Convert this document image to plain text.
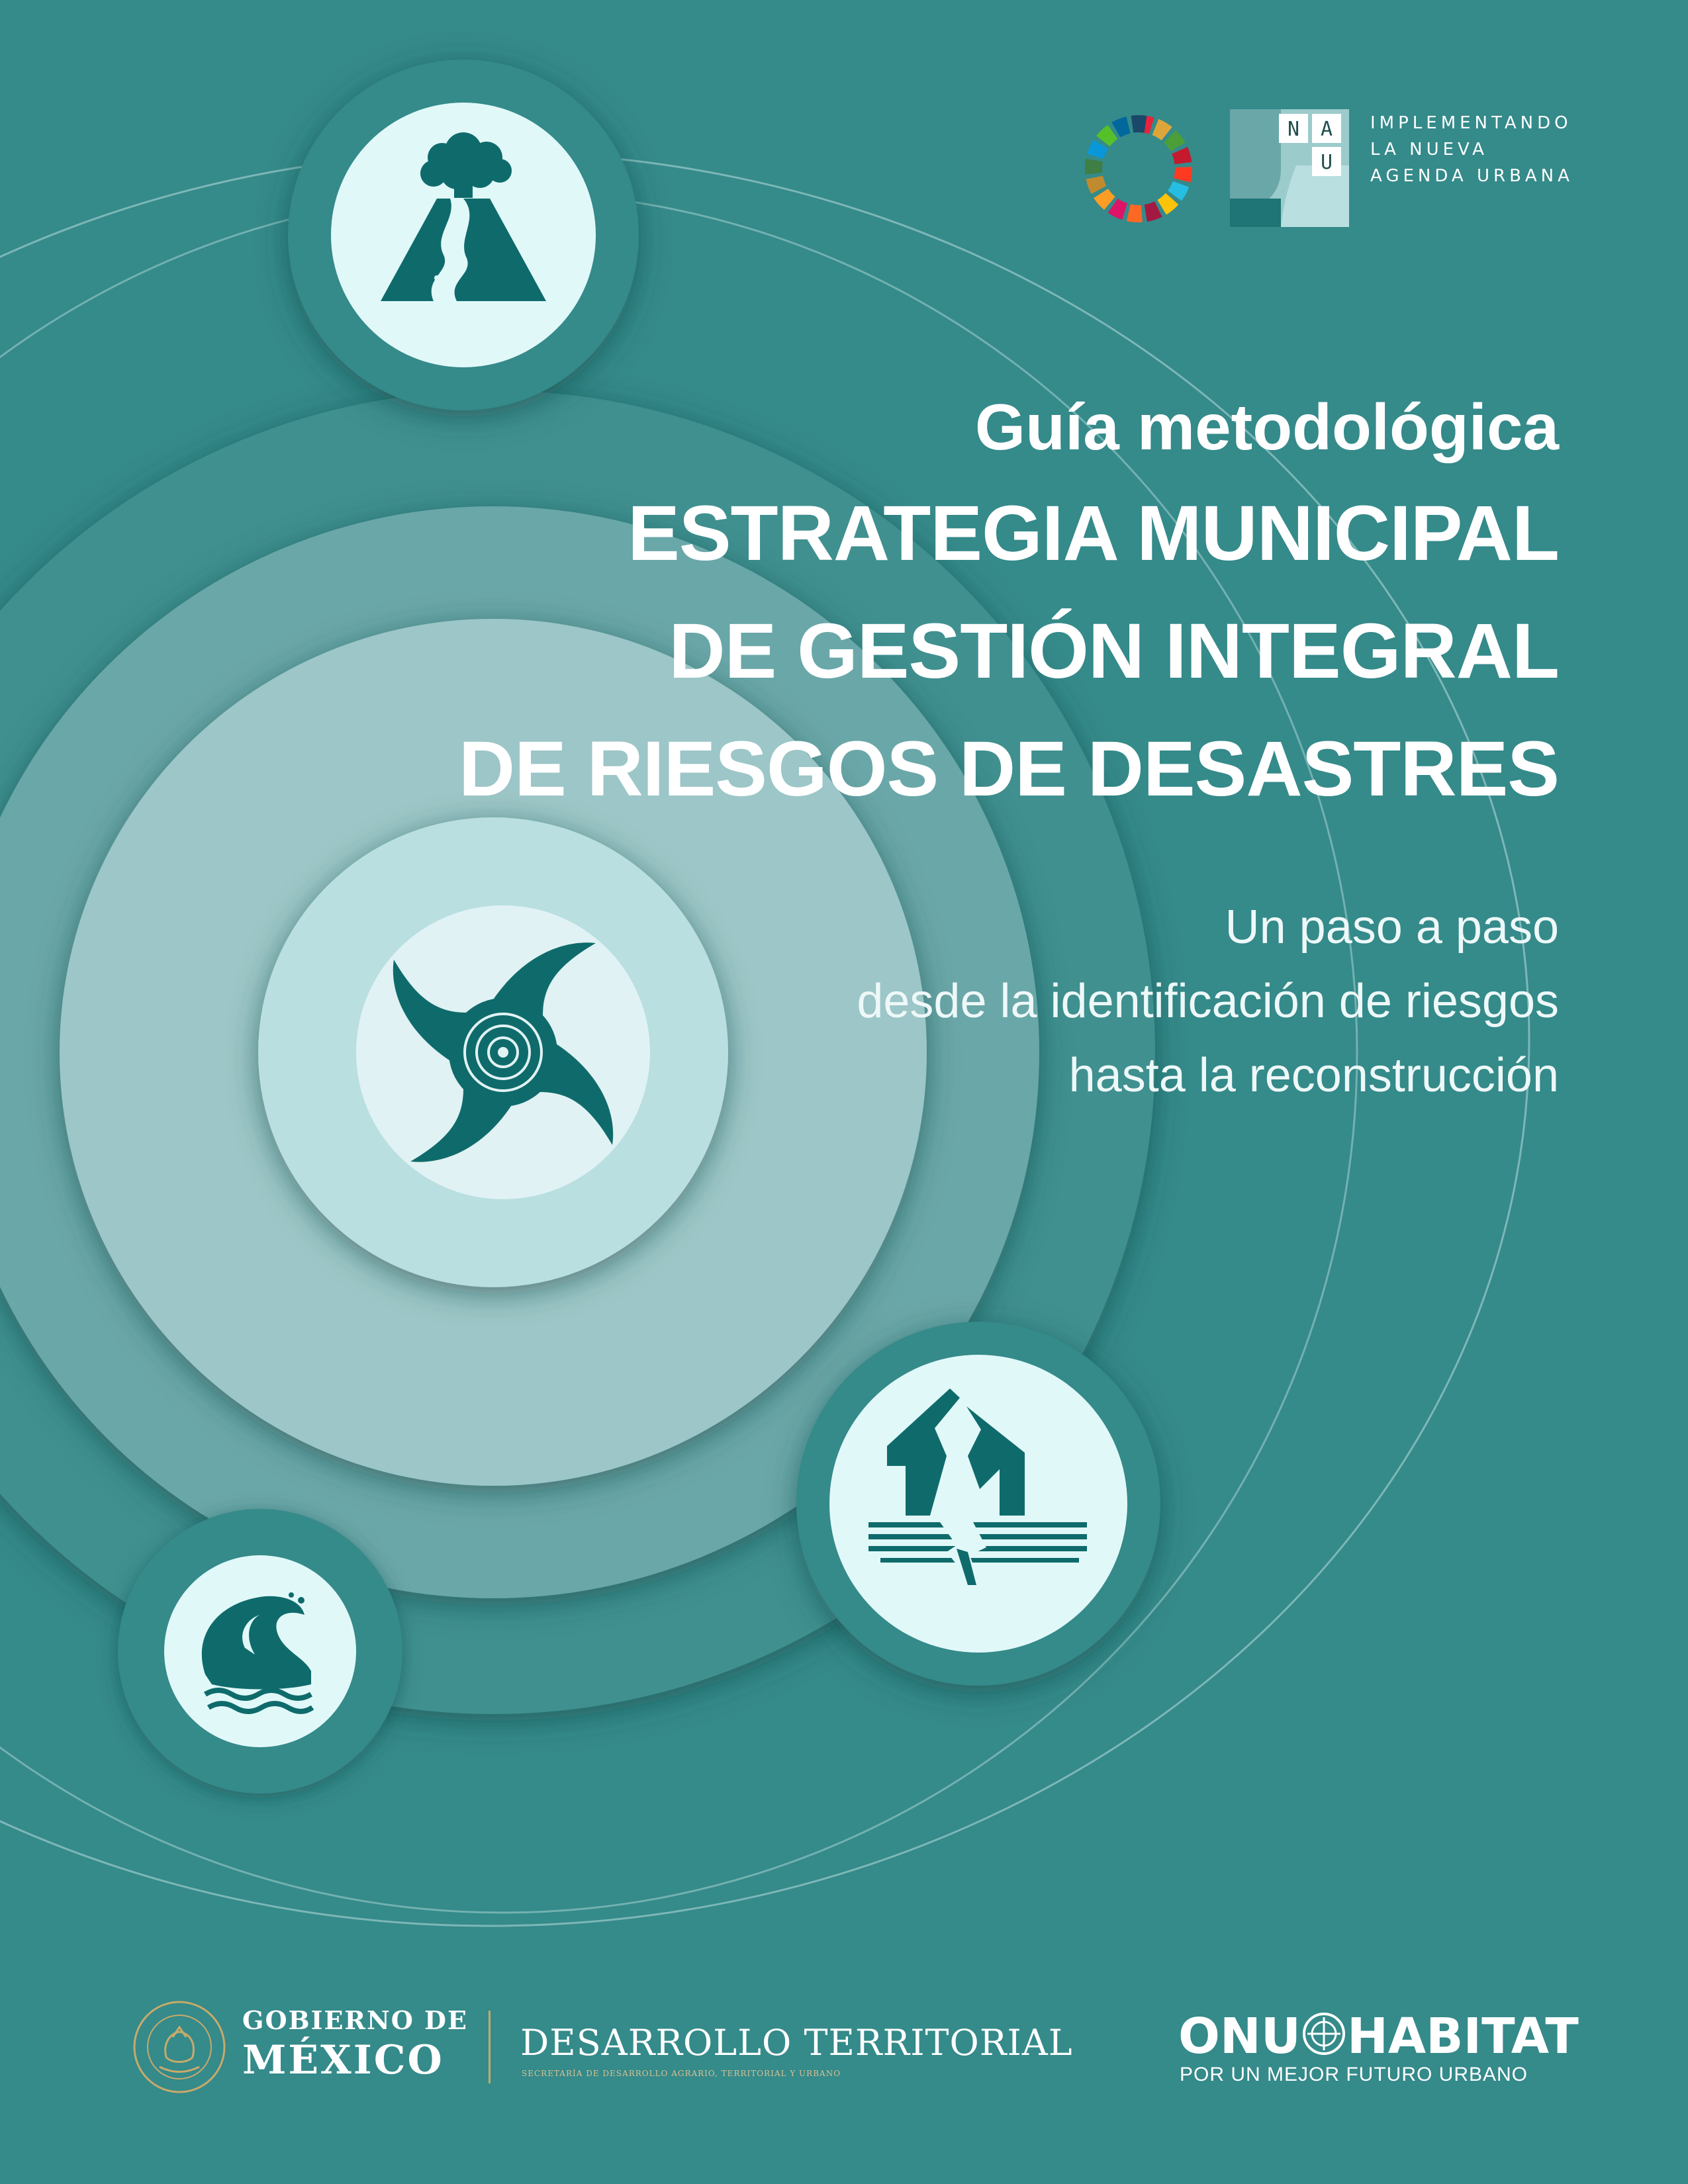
N A
U
IMPLEMENTANDO
LA NUEVA
AGENDA URBANA
Guía metodológica
ESTRATEGIA MUNICIPAL
DE GESTIÓN INTEGRAL
DE RIESGOS DE DESASTRES
Un paso a paso
desde la identificación de riesgos
hasta la reconstrucción
GOBIERNO DE
MÉXICO DESARROLLO TERRITORIAL
SECRETARÍA DE DESARROLLO AGRARIO, TERRITORIAL Y URBANO
ONU HABITAT
POR UN MEJOR FUTURO URBANO
